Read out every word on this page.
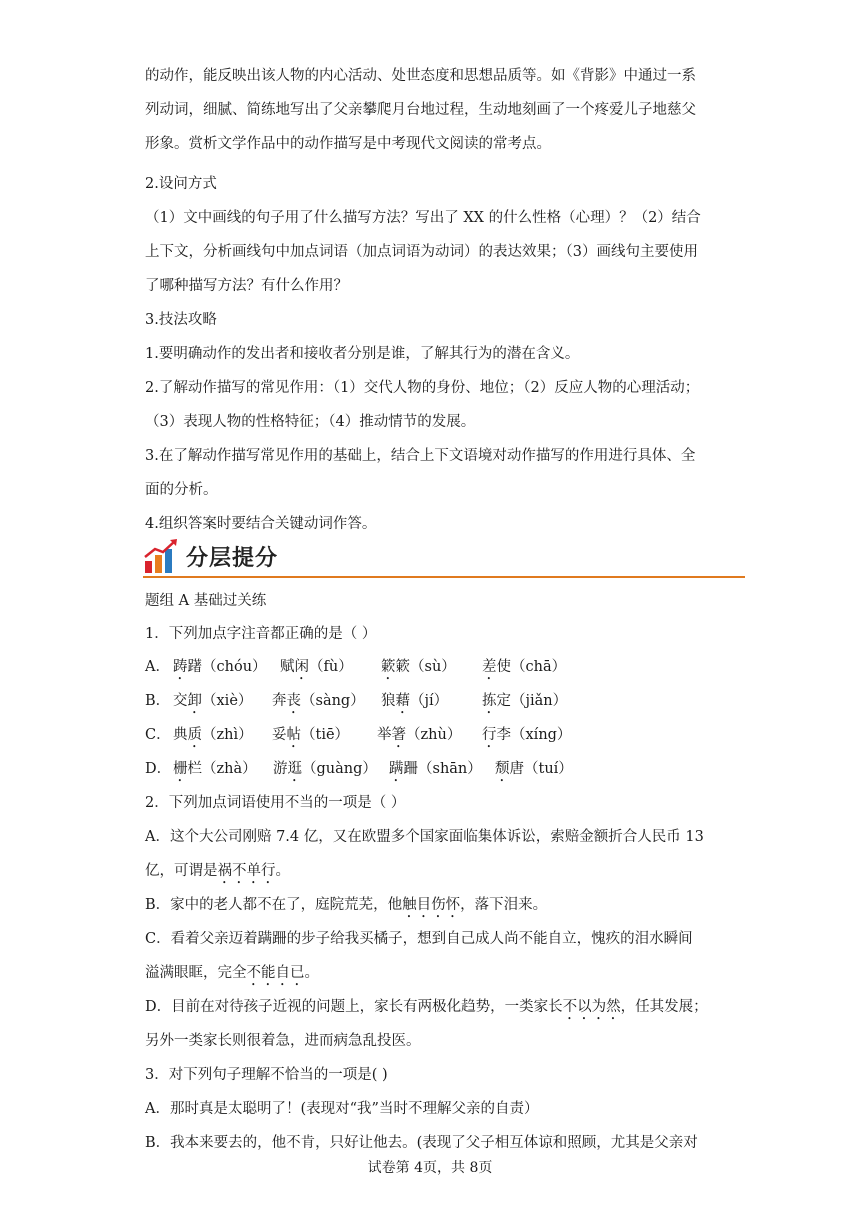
的动作，能反映出该人物的内心活动、处世态度和思想品质等。如《背影》中通过一系
列动词，细腻、简练地写出了父亲攀爬月台地过程，生动地刻画了一个疼爱儿子地慈父
形象。赏析文学作品中的动作描写是中考现代文阅读的常考点。
2.设问方式
（1）文中画线的句子用了什么描写方法？写出了 XX 的什么性格（心理）？（2）结合
上下文，分析画线句中加点词语（加点词语为动词）的表达效果；（3）画线句主要使用
了哪种描写方法？有什么作用？
3.技法攻略
1.要明确动作的发出者和接收者分别是谁，了解其行为的潜在含义。
2.了解动作描写的常见作用：（1）交代人物的身份、地位；（2）反应人物的心理活动；
（3）表现人物的性格特征；（4）推动情节的发展。
3.在了解动作描写常见作用的基础上，结合上下文语境对动作描写的作用进行具体、全
面的分析。
4.组织答案时要结合关键动词作答。
分层提分
题组 A 基础过关练
1．下列加点字注音都正确的是（ ）
A． 踌躇（chóu） 赋闲（fù） 簌簌（sù） 差使（chā）
B． 交卸（xiè） 奔丧（sàng） 狼藉（jí） 拣定（jiǎn）
C． 典质（zhì） 妥帖（tiē） 举箸（zhù） 行李（xíng）
D． 栅栏（zhà） 游逛（guàng） 蹒跚（shān） 颓唐（tuí）
2．下列加点词语使用不当的一项是（ ）
A．这个大公司刚赔 7.4 亿，又在欧盟多个国家面临集体诉讼，索赔金额折合人民币 13
亿，可谓是祸不单行。
B．家中的老人都不在了，庭院荒芜，他触目伤怀，落下泪来。
C．看着父亲迈着蹒跚的步子给我买橘子，想到自己成人尚不能自立，愧疚的泪水瞬间
溢满眼眶，完全不能自已。
D．目前在对待孩子近视的问题上，家长有两极化趋势，一类家长不以为然，任其发展；
另外一类家长则很着急，进而病急乱投医。
3．对下列句子理解不恰当的一项是( )
A．那时真是太聪明了！(表现对“我”当时不理解父亲的自责）
B．我本来要去的，他不肯，只好让他去。(表现了父子相互体谅和照顾，尤其是父亲对
试卷第 4页，共 8页
